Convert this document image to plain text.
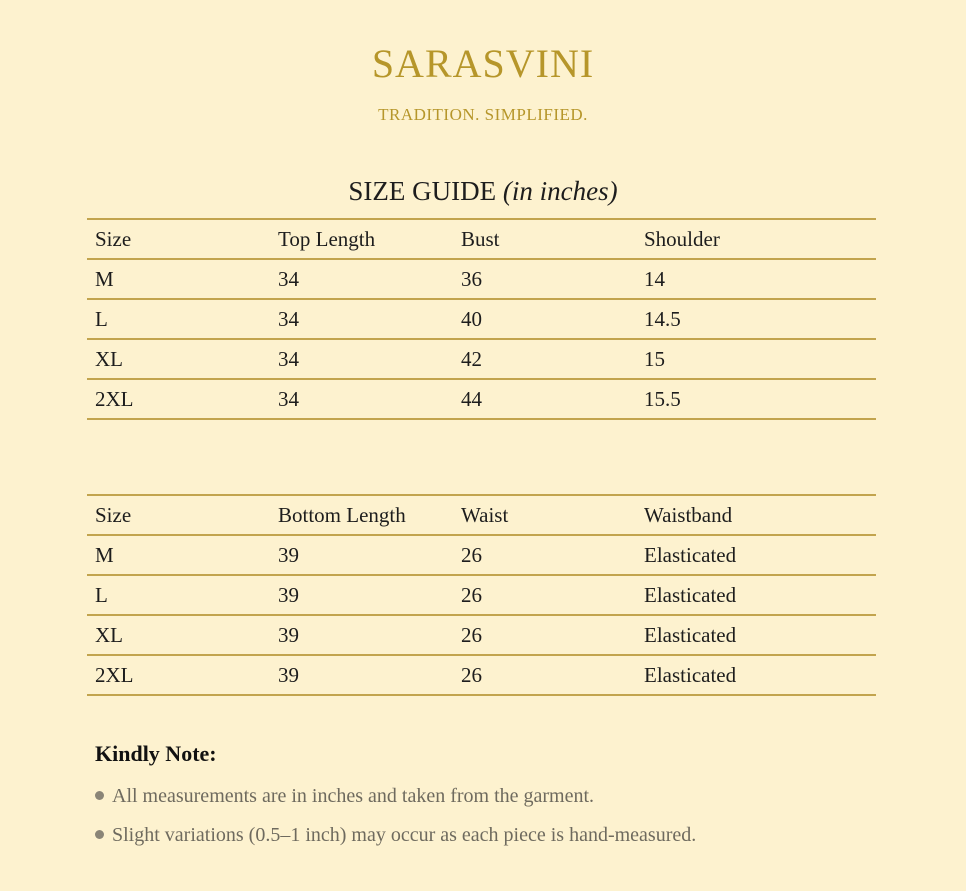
SARASVINI
TRADITION. SIMPLIFIED.
SIZE GUIDE (in inches)
Size	Top Length	Bust	Shoulder
M	34	36	14
L	34	40	14.5
XL	34	42	15
2XL	34	44	15.5
Size	Bottom Length	Waist	Waistband
M	39	26	Elasticated
L	39	26	Elasticated
XL	39	26	Elasticated
2XL	39	26	Elasticated
Kindly Note:
All measurements are in inches and taken from the garment.
Slight variations (0.5–1 inch) may occur as each piece is hand-measured.
